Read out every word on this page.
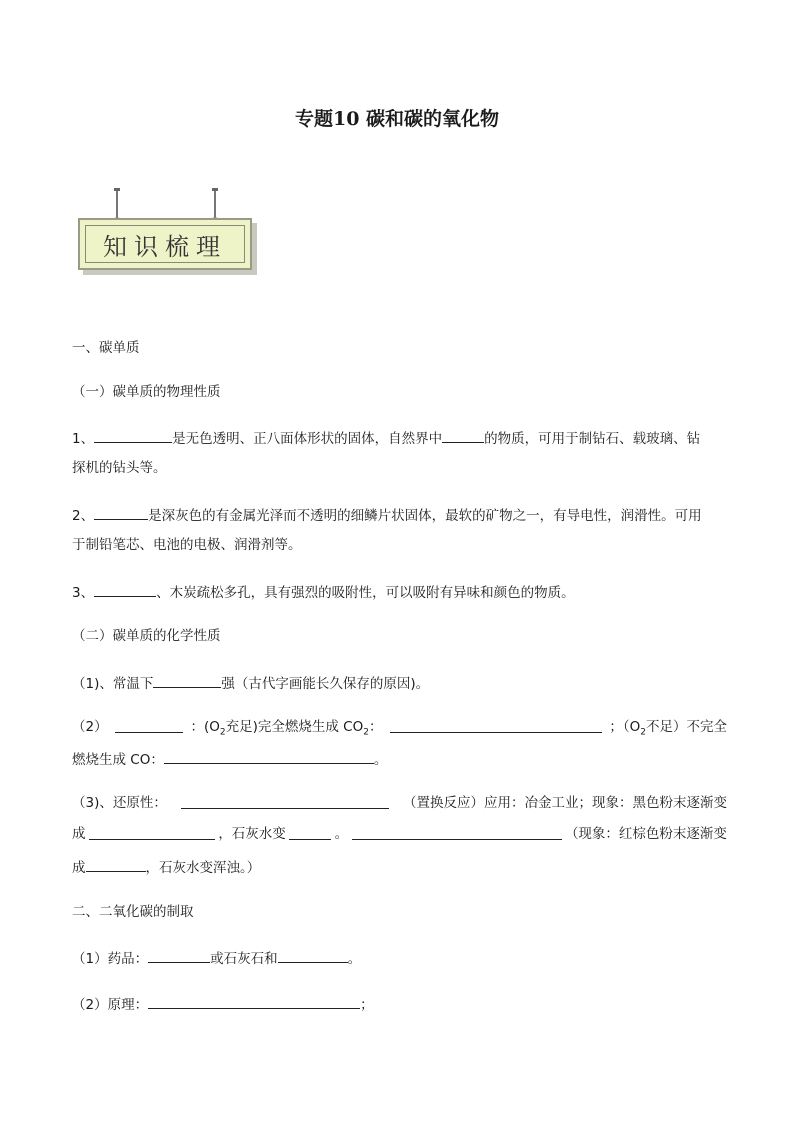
专题10 碳和碳的氧化物
知识梳理
一、碳单质
（一）碳单质的物理性质
1、	是无色透明、正八面体形状的固体，自然界中	的物质，可用于制钻石、载玻璃、钻
探机的钻头等。
2、	是深灰色的有金属光泽而不透明的细鳞片状固体，最软的矿物之一，有导电性，润滑性。可用
于制铅笔芯、电池的电极、润滑剂等。
3、	、木炭疏松多孔，具有强烈的吸附性，可以吸附有异味和颜色的物质。
（二）碳单质的化学性质
（1)、常温下	强（古代字画能长久保存的原因)。
（2）	：($O_2$充足)完全燃烧生成 $CO_2$：	；（$O_2$不足）不完全
燃烧生成 CO：	。
（3)、还原性：	（置换反应）应用：冶金工业；现象：黑色粉末逐渐变
成	，石灰水变	。	（现象：红棕色粉末逐渐变
成	，石灰水变浑浊。）
二、二氧化碳的制取
（1）药品：	或石灰石和	。
（2）原理：	；
